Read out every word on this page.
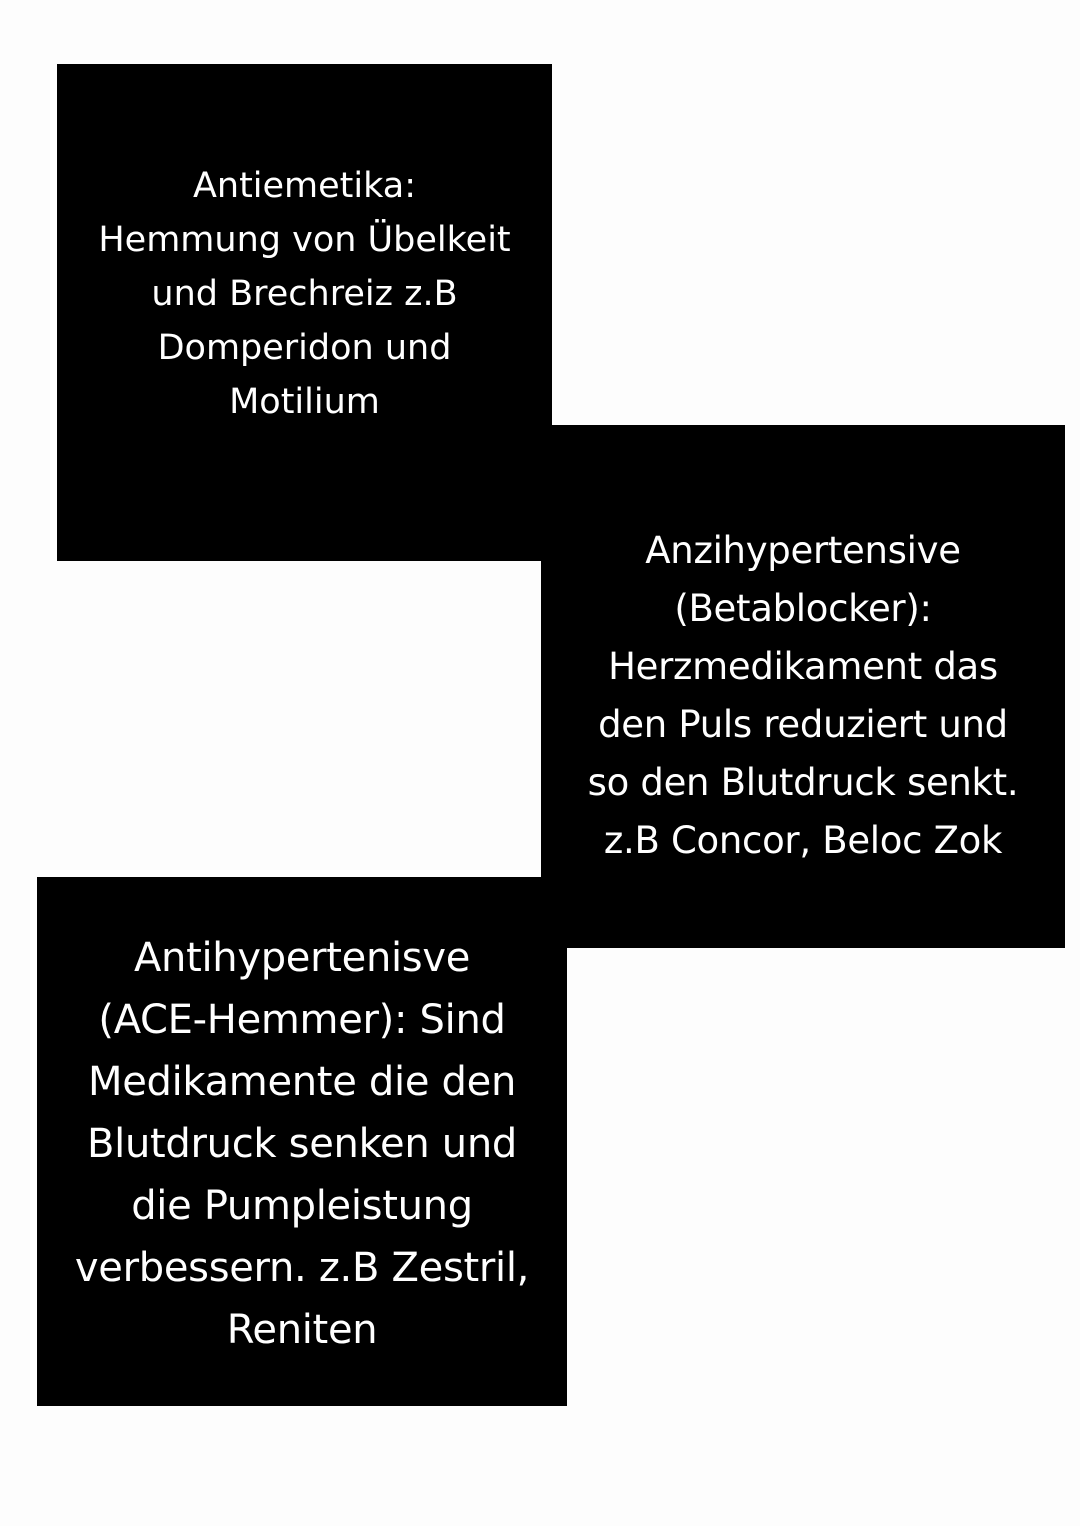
Antiemetika:
Hemmung von Übelkeit
und Brechreiz z.B
Domperidon und
Motilium
Anzihypertensive
(Betablocker):
Herzmedikament das
den Puls reduziert und
so den Blutdruck senkt.
z.B Concor, Beloc Zok
Antihypertenisve
(ACE-Hemmer): Sind
Medikamente die den
Blutdruck senken und
die Pumpleistung
verbessern. z.B Zestril,
Reniten
